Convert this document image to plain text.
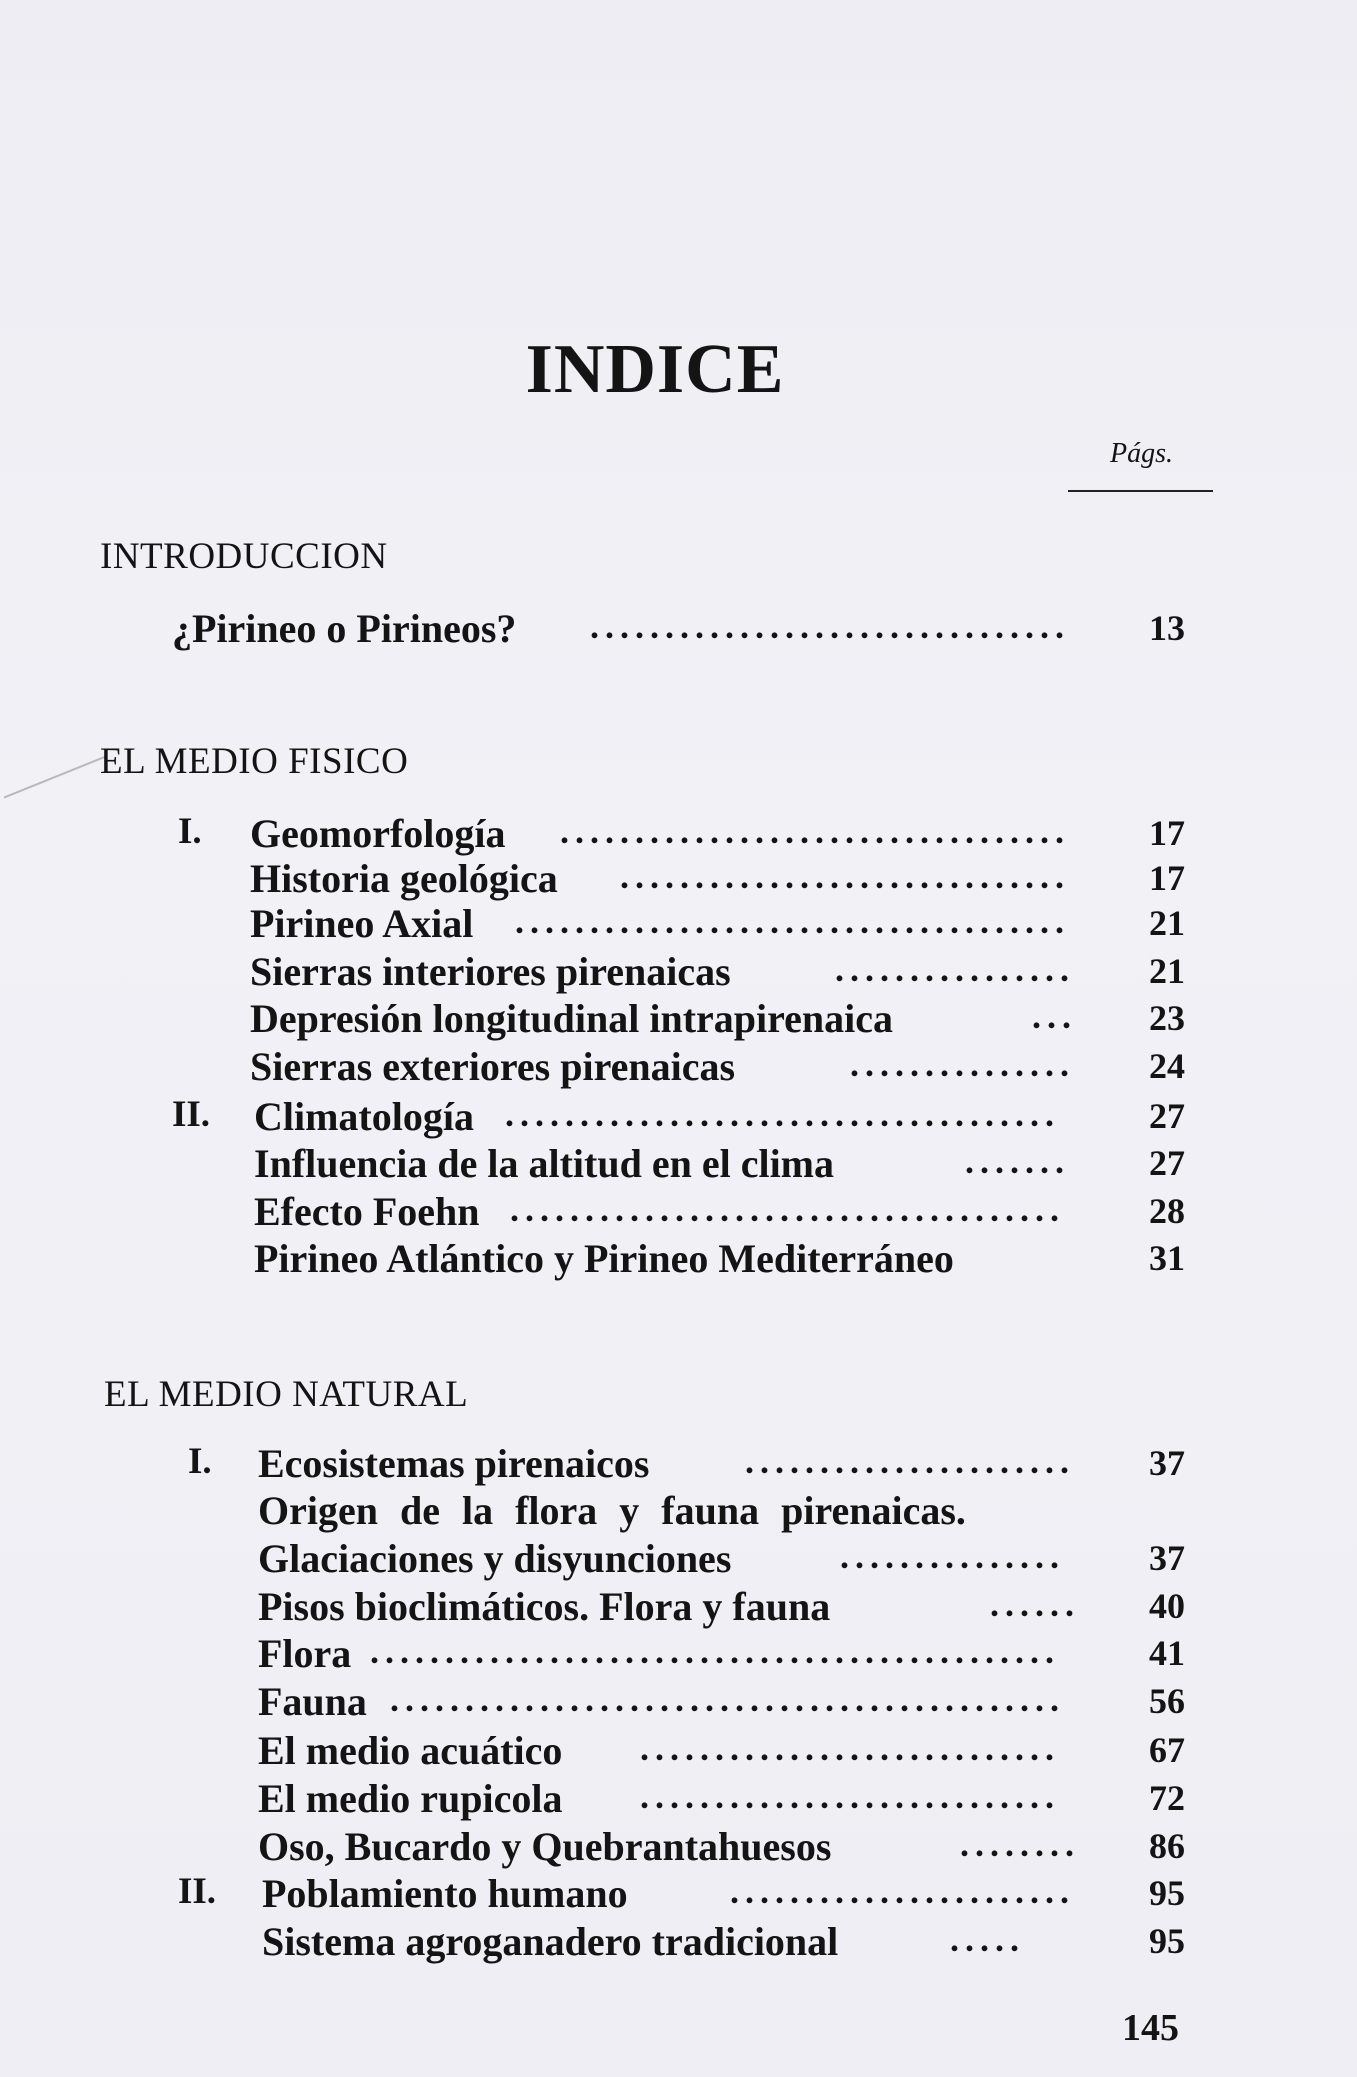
INDICE
Págs.
INTRODUCCION
¿Pirineo o Pirineos? ................................ 13
EL MEDIO FISICO
I. Geomorfología ..................................	17
Historia geológica ..............................	17
Pirineo Axial .....................................	21
Sierras interiores pirenaicas	................ 21
Depresión longitudinal intrapirenaica	...	23
Sierras exteriores pirenaicas	............... 24
II. Climatología .....................................	27
Influencia de la altitud en el clima	.......	27
Efecto Foehn .....................................	28
Pirineo Atlántico y Pirineo Mediterráneo	31
EL MEDIO NATURAL
I. Ecosistemas pirenaicos	......................	37
Origen de la flora y fauna pirenaicas.
Glaciaciones y disyunciones	...............	37
Pisos bioclimáticos. Flora y fauna	...... 40
Flora ..............................................	41
Fauna .............................................	56
El medio acuático ............................	67
El medio rupicola ............................	72
Oso, Bucardo y Quebrantahuesos	........ 86
II. Poblamiento humano	.......................	95
Sistema agroganadero tradicional	.....	95
145
